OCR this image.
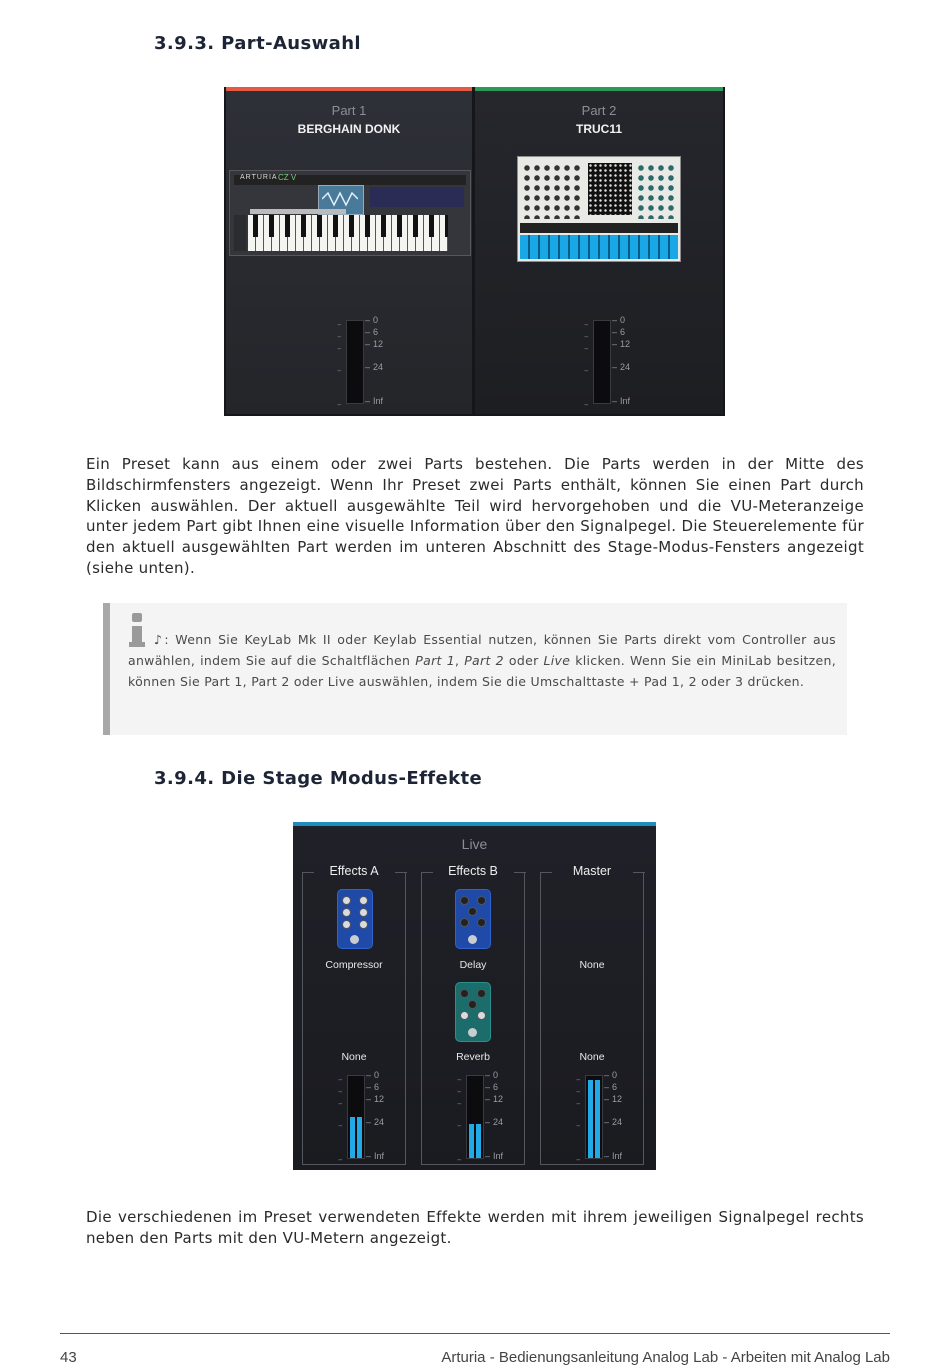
3.9.3. Part-Auswahl
Part 1
BERGHAIN DONK
ARTURIA CZ V
–
–
–
–
–
– 0
– 6
– 12
– 24
– Inf
Part 2
TRUC11
–
–
–
–
–
– 0
– 6
– 12
– 24
– Inf

Ein Preset kann aus einem oder zwei Parts bestehen. Die Parts werden in der Mitte des Bildschirmfensters angezeigt. Wenn Ihr Preset zwei Parts enthält, können Sie einen Part durch Klicken auswählen. Der aktuell ausgewählte Teil wird hervorgehoben und die VU-Meteranzeige unter jedem Part gibt Ihnen eine visuelle Information über den Signalpegel. Die Steuerelemente für den aktuell ausgewählten Part werden im unteren Abschnitt des Stage-Modus-Fensters angezeigt (siehe unten).

♪: Wenn Sie KeyLab Mk II oder Keylab Essential nutzen, können Sie Parts direkt vom Controller aus anwählen, indem Sie auf die Schaltflächen Part 1, Part 2 oder Live klicken. Wenn Sie ein MiniLab besitzen, können Sie Part 1, Part 2 oder Live auswählen, indem Sie die Umschalttaste + Pad 1, 2 oder 3 drücken.

3.9.4. Die Stage Modus-Effekte
Live
Effects A
Compressor
None
–
–
–
–
–
– 0
– 6
– 12
– 24
– Inf
Effects B
Delay
Reverb
–
–
–
–
–
– 0
– 6
– 12
– 24
– Inf
Master
None
None
–
–
–
–
–
– 0
– 6
– 12
– 24
– Inf

Die verschiedenen im Preset verwendeten Effekte werden mit ihrem jeweiligen Signalpegel rechts neben den Parts mit den VU-Metern angezeigt.

43	Arturia - Bedienungsanleitung Analog Lab - Arbeiten mit Analog Lab
